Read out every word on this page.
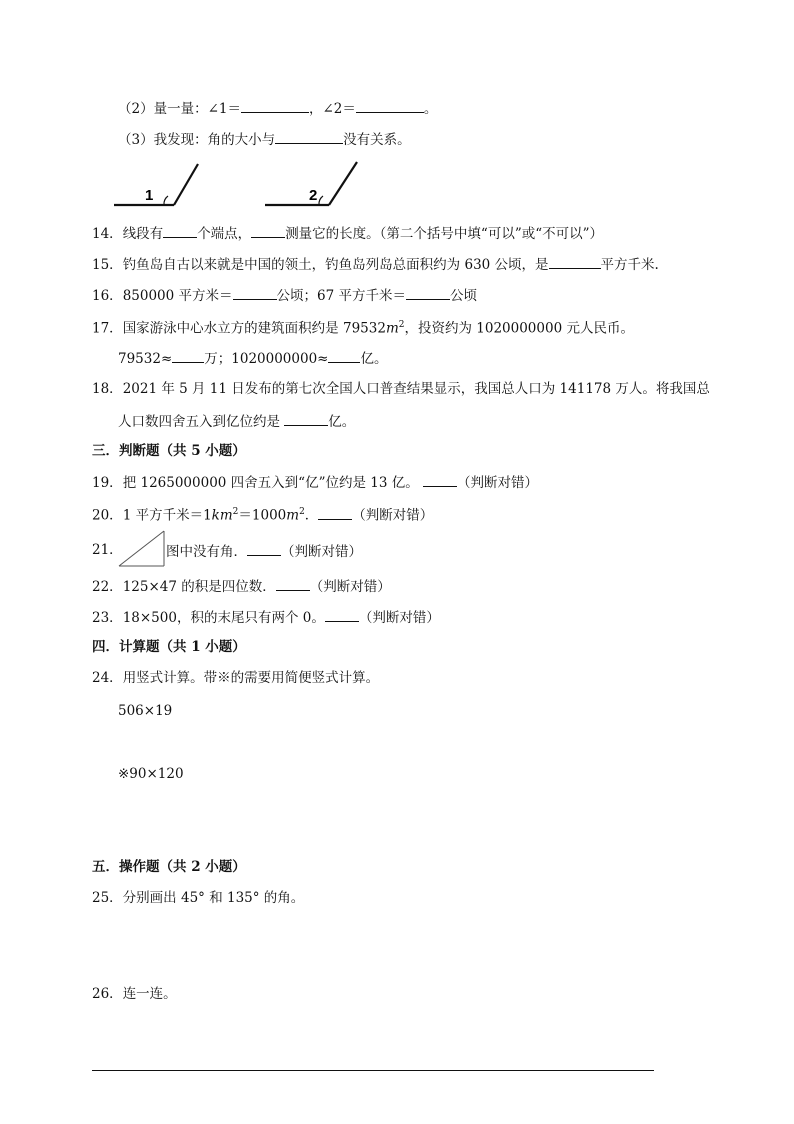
（2）量一量：∠1＝	，∠2＝	。
（3）我发现：角的大小与	没有关系。
1	2
14．线段有	个端点，	测量它的长度。（第二个括号中填“可以”或“不可以”）
15．钓鱼岛自古以来就是中国的领土，钓鱼岛列岛总面积约为 630 公顷，是	平方千米.
16．850000 平方米＝	公顷；67 平方千米＝	公顷
17．国家游泳中心水立方的建筑面积约是 $79532m^2$，投资约为 1020000000 元人民币。
79532≈ 万；1020000000≈ 亿。
18．2021 年 5 月 11 日发布的第七次全国人口普查结果显示，我国总人口为 141178 万人。将我国总
人口数四舍五入到亿位约是	亿。
三．判断题（共 5 小题）
19．把 1265000000 四舍五入到“亿”位约是 13 亿。	（判断对错）
20．1 平方千米$=1km^2=1000m^2$．	（判断对错）
21．	图中没有角．	（判断对错）
22．125×47 的积是四位数．	（判断对错）
23．18×500，积的末尾只有两个 0。	（判断对错）
四．计算题（共 1 小题）
24．用竖式计算。带※的需要用简便竖式计算。
506×19
※90×120
五．操作题（共 2 小题）
25．分别画出 45° 和 135° 的角。
26．连一连。
